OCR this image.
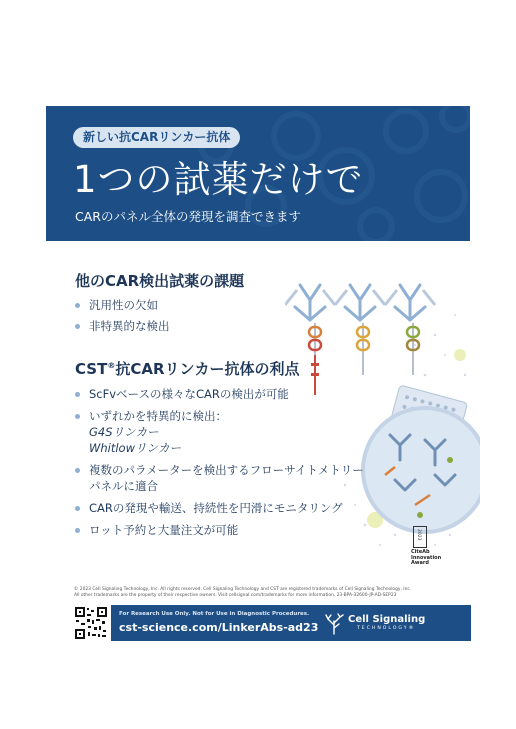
新しい抗CARリンカー抗体
1つの試薬だけで
CARのパネル全体の発現を調査できます
他のCAR検出試薬の課題
汎用性の欠如
非特異的な検出
CST®抗CARリンカー抗体の利点
ScFvベースの様々なCARの検出が可能
いずれかを特異的に検出：
G4Sリンカー
Whitlowリンカー
複数のパラメーターを検出するフローサイトメトリー
パネルに適合
CARの発現や輸送、持続性を円滑にモニタリング
ロット予約と大量注文が可能	2023
CiteAb
Innovation
Award
© 2023 Cell Signaling Technology, Inc. All rights reserved. Cell Signaling Technology and CST are registered trademarks of Cell Signaling Technology, Inc.
All other trademarks are the property of their respective owners. Visit cellsignal.com/trademarks for more information. 23-BPA-32600-JP-AD-SEP23
For Research Use Only. Not for Use in Diagnostic Procedures.
cst-science.com/LinkerAbs-ad23
Cell Signaling
TECHNOLOGY®
